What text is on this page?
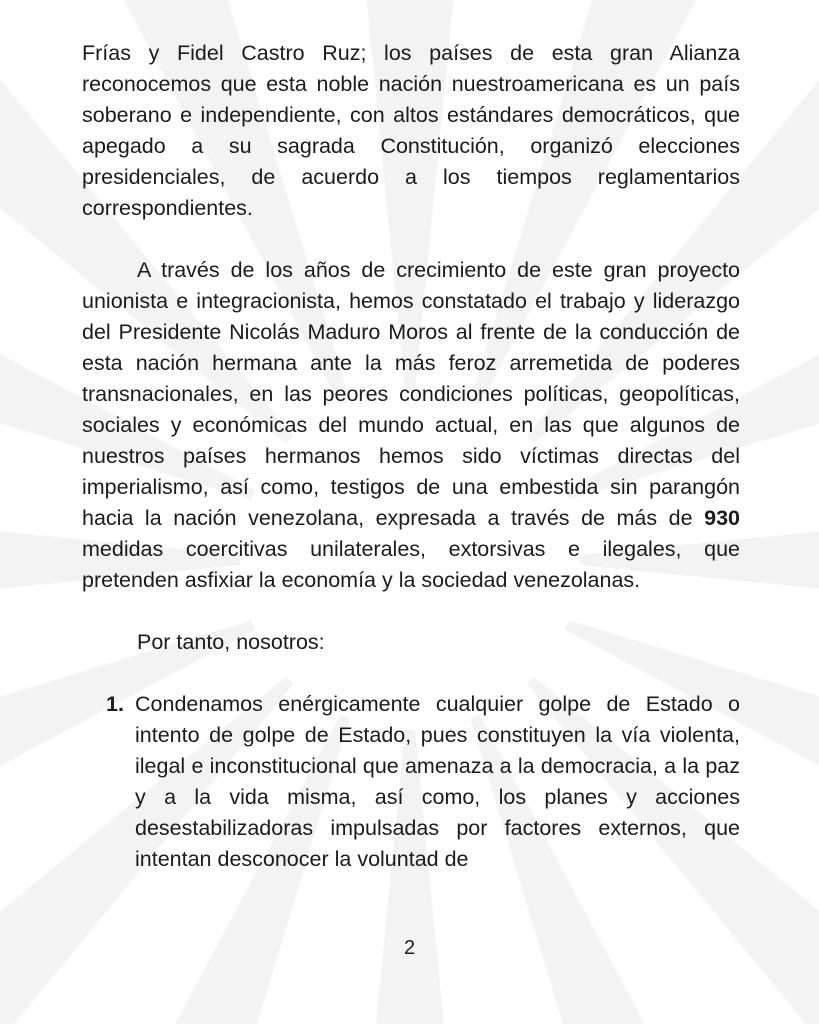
Frías y Fidel Castro Ruz; los países de esta gran Alianza reconocemos que esta noble nación nuestroamericana es un país soberano e independiente, con altos estándares democráticos, que apegado a su sagrada Constitución, organizó elecciones presidenciales, de acuerdo a los tiempos reglamentarios correspondientes.

A través de los años de crecimiento de este gran proyecto unionista e integracionista, hemos constatado el trabajo y liderazgo del Presidente Nicolás Maduro Moros al frente de la conducción de esta nación hermana ante la más feroz arremetida de poderes transnacionales, en las peores condiciones políticas, geopolíticas, sociales y económicas del mundo actual, en las que algunos de nuestros países hermanos hemos sido víctimas directas del imperialismo, así como, testigos de una embestida sin parangón hacia la nación venezolana, expresada a través de más de 930 medidas coercitivas unilaterales, extorsivas e ilegales, que pretenden asfixiar la economía y la sociedad venezolanas.

Por tanto, nosotros:

1. Condenamos enérgicamente cualquier golpe de Estado o intento de golpe de Estado, pues constituyen la vía violenta, ilegal e inconstitucional que amenaza a la democracia, a la paz y a la vida misma, así como, los planes y acciones desestabilizadoras impulsadas por factores externos, que intentan desconocer la voluntad de
2
